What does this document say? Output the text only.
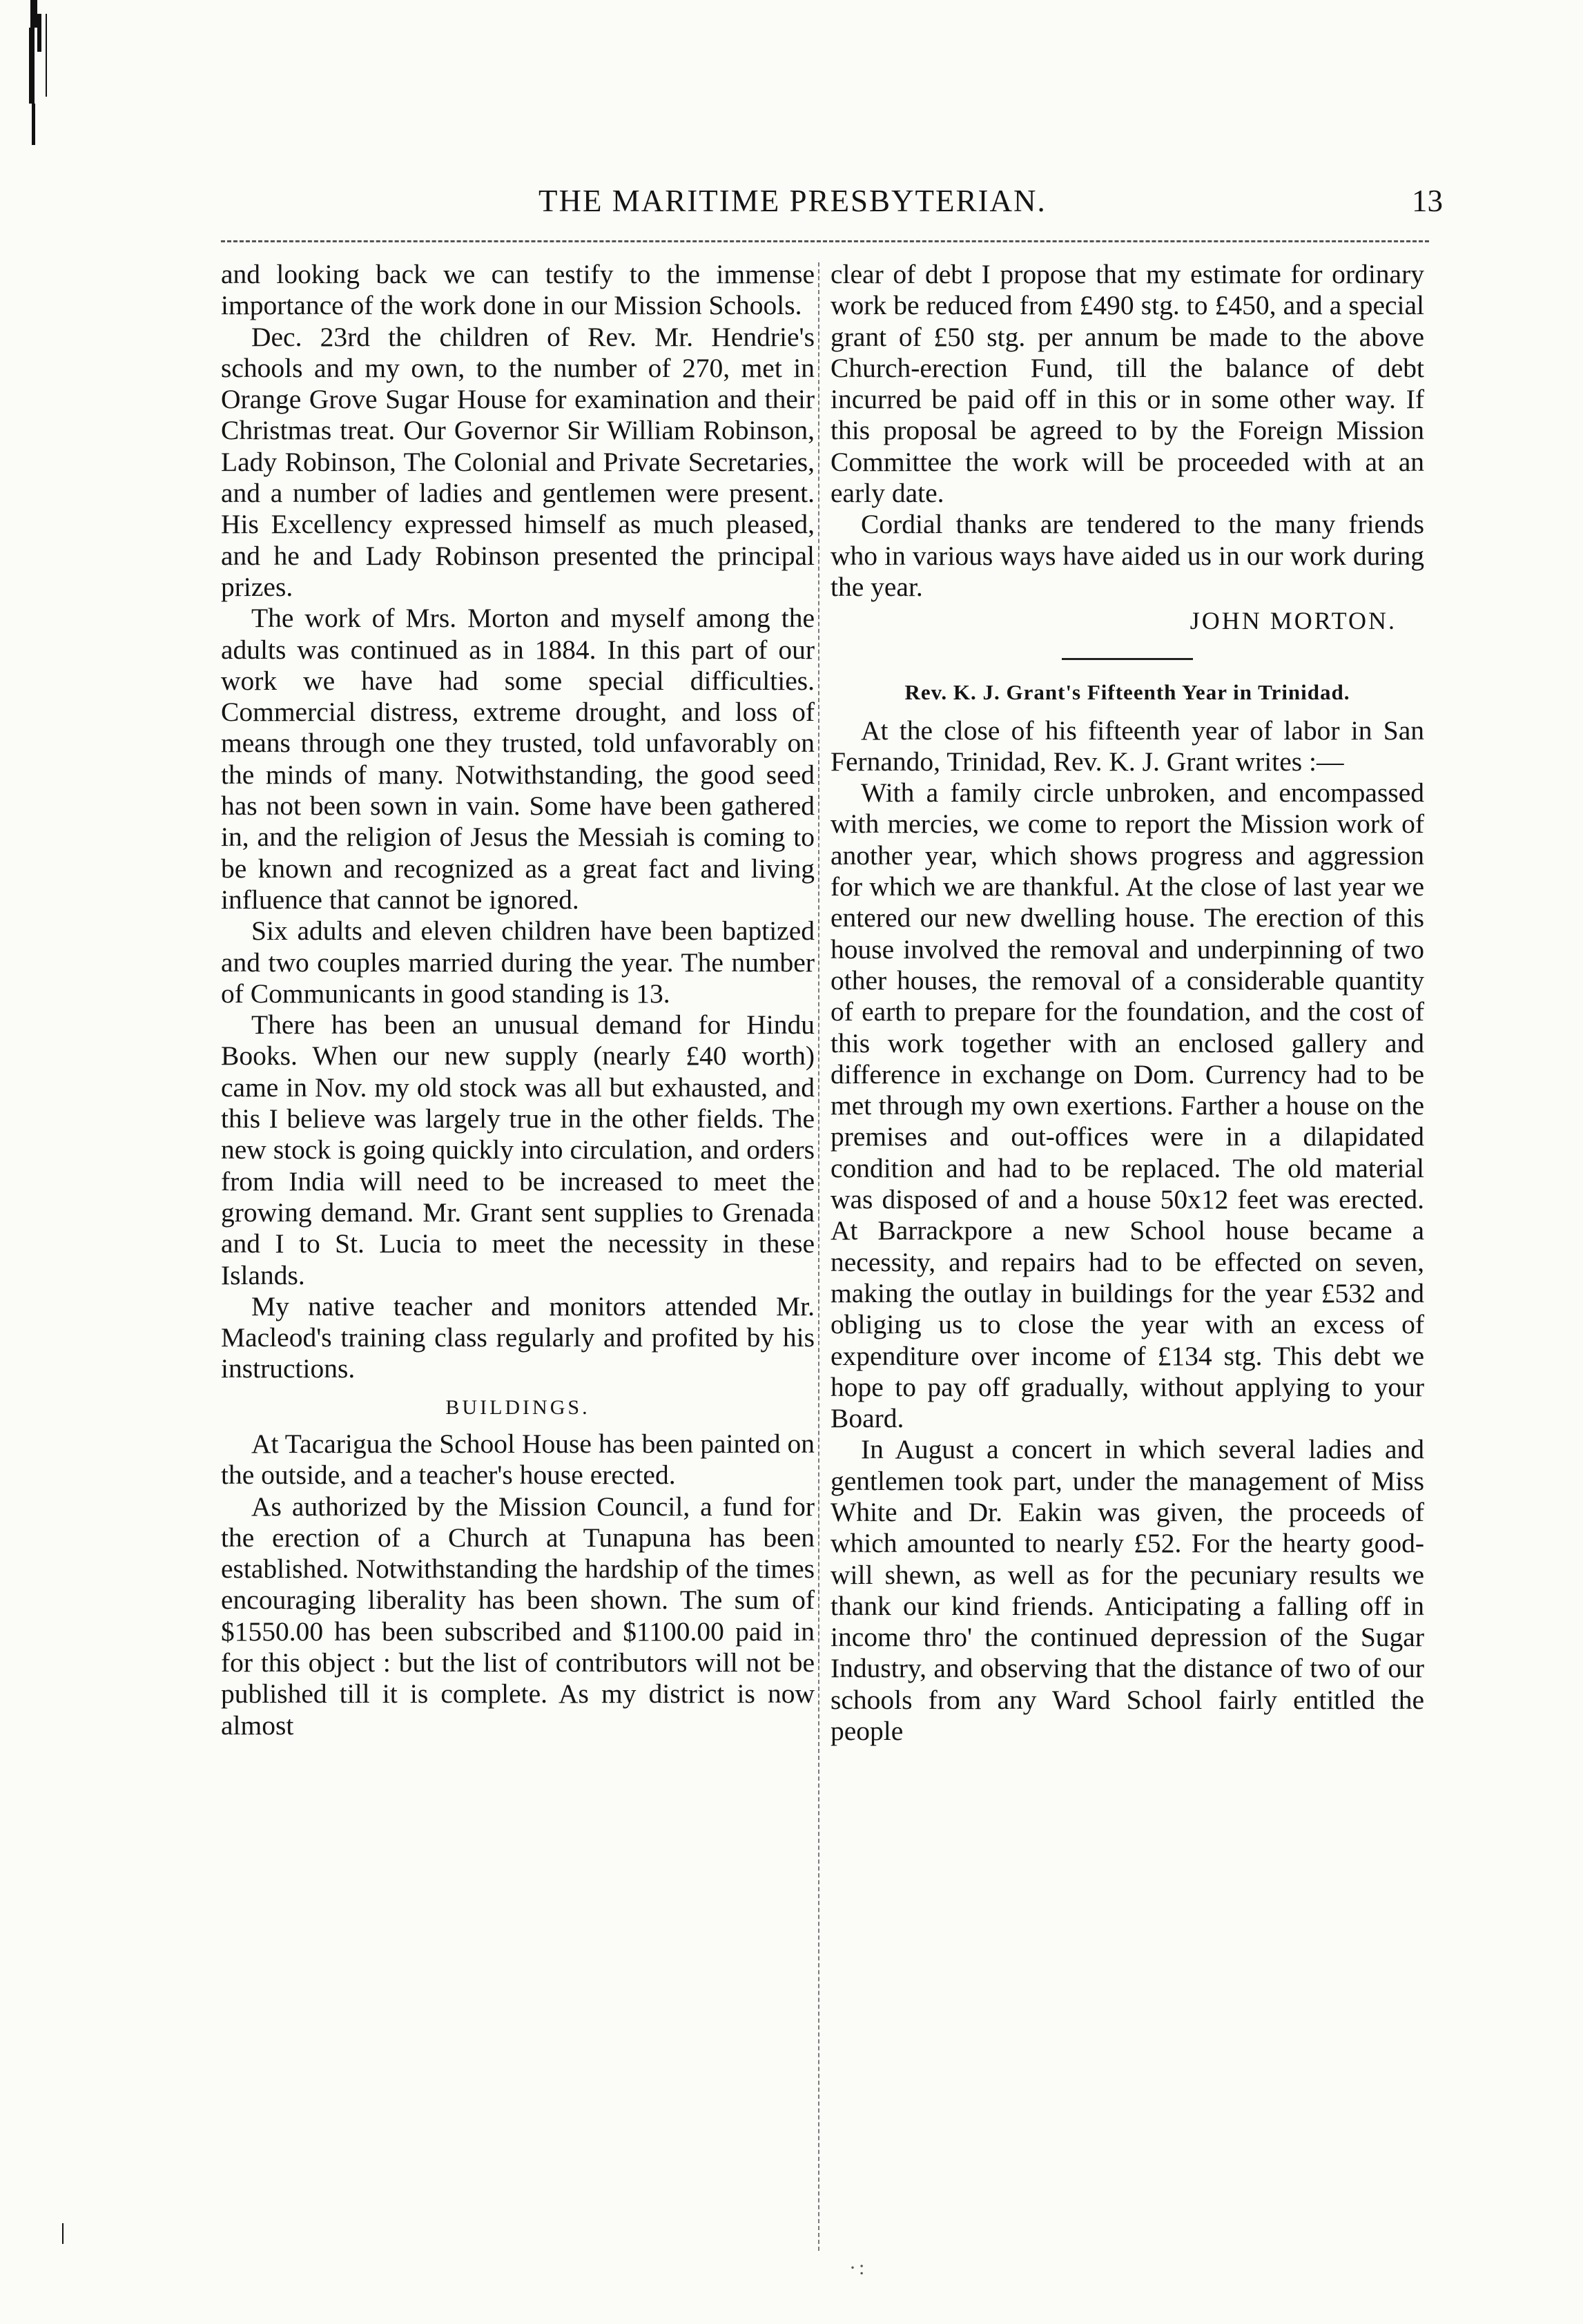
THE MARITIME PRESBYTERIAN.	13

and looking back we can testify to the immense importance of the work done in our Mission Schools.

Dec. 23rd the children of Rev. Mr. Hendrie's schools and my own, to the number of 270, met in Orange Grove Sugar House for examination and their Christmas treat. Our Governor Sir William Robinson, Lady Robinson, The Colonial and Private Secretaries, and a number of ladies and gentlemen were present. His Excellency expressed himself as much pleased, and he and Lady Robinson presented the principal prizes.

The work of Mrs. Morton and myself among the adults was continued as in 1884. In this part of our work we have had some special difficulties. Commercial distress, extreme drought, and loss of means through one they trusted, told unfavorably on the minds of many. Notwithstanding, the good seed has not been sown in vain. Some have been gathered in, and the religion of Jesus the Messiah is coming to be known and recognized as a great fact and living influence that cannot be ignored.

Six adults and eleven children have been baptized and two couples married during the year. The number of Communicants in good standing is 13.

There has been an unusual demand for Hindu Books. When our new supply (nearly £40 worth) came in Nov. my old stock was all but exhausted, and this I believe was largely true in the other fields. The new stock is going quickly into circulation, and orders from India will need to be increased to meet the growing demand. Mr. Grant sent supplies to Grenada and I to St. Lucia to meet the necessity in these Islands.

My native teacher and monitors attended Mr. Macleod's training class regularly and profited by his instructions.

BUILDINGS.

At Tacarigua the School House has been painted on the outside, and a teacher's house erected.

As authorized by the Mission Council, a fund for the erection of a Church at Tunapuna has been established. Notwithstanding the hardship of the times encouraging liberality has been shown. The sum of $1550.00 has been subscribed and $1100.00 paid in for this object : but the list of contributors will not be published till it is complete. As my district is now almost

clear of debt I propose that my estimate for ordinary work be reduced from £490 stg. to £450, and a special grant of £50 stg. per annum be made to the above Church-erection Fund, till the balance of debt incurred be paid off in this or in some other way. If this proposal be agreed to by the Foreign Mission Committee the work will be proceeded with at an early date.

Cordial thanks are tendered to the many friends who in various ways have aided us in our work during the year.

JOHN MORTON.

Rev. K. J. Grant's Fifteenth Year in Trinidad.

At the close of his fifteenth year of labor in San Fernando, Trinidad, Rev. K. J. Grant writes :—

With a family circle unbroken, and encompassed with mercies, we come to report the Mission work of another year, which shows progress and aggression for which we are thankful. At the close of last year we entered our new dwelling house. The erection of this house involved the removal and underpinning of two other houses, the removal of a considerable quantity of earth to prepare for the foundation, and the cost of this work together with an enclosed gallery and difference in exchange on Dom. Currency had to be met through my own exertions. Farther a house on the premises and out-offices were in a dilapidated condition and had to be replaced. The old material was disposed of and a house 50x12 feet was erected. At Barrackpore a new School house became a necessity, and repairs had to be effected on seven, making the outlay in buildings for the year £532 and obliging us to close the year with an excess of expenditure over income of £134 stg. This debt we hope to pay off gradually, without applying to your Board.

In August a concert in which several ladies and gentlemen took part, under the management of Miss White and Dr. Eakin was given, the proceeds of which amounted to nearly £52. For the hearty good-will shewn, as well as for the pecuniary results we thank our kind friends. Anticipating a falling off in income thro' the continued depression of the Sugar Industry, and observing that the distance of two of our schools from any Ward School fairly entitled the people

·:
